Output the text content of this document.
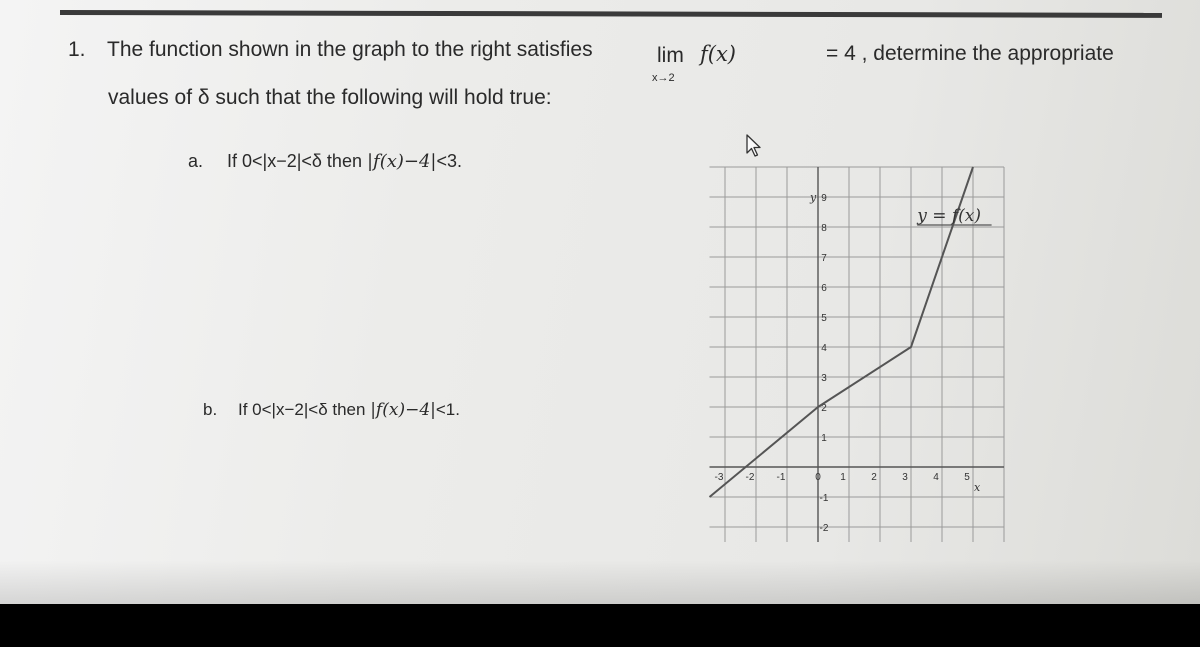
1. The function shown in the graph to the right satisfies	lim
x→2
f(x)	= 4 , determine the appropriate
values of δ such that the following will hold true:
a. If 0<|x−2|<δ then |f(x)−4|<3.
b. If 0<|x−2|<δ then |f(x)−4|<1.
-3 -2 -1	0 1	2	3	4	5
-2
-1
1
2
3
4
5
6
7
8
9
x
y
y = f(x)
